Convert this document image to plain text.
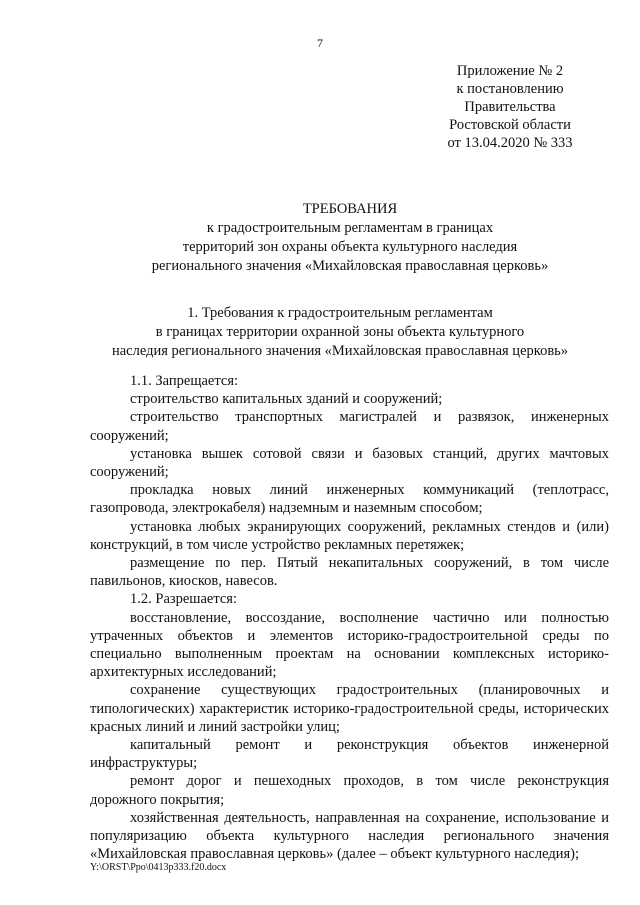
7
Приложение № 2
к постановлению
Правительства
Ростовской области
от 13.04.2020 № 333
ТРЕБОВАНИЯ
к градостроительным регламентам в границах
территорий зон охраны объекта культурного наследия
регионального значения «Михайловская православная церковь»
1. Требования к градостроительным регламентам
в границах территории охранной зоны объекта культурного
наследия регионального значения «Михайловская православная церковь»

1.1. Запрещается:

строительство капитальных зданий и сооружений;

строительство транспортных магистралей и развязок, инженерных сооружений;

установка вышек сотовой связи и базовых станций, других мачтовых сооружений;

прокладка новых линий инженерных коммуникаций (теплотрасс, газопровода, электрокабеля) надземным и наземным способом;

установка любых экранирующих сооружений, рекламных стендов и (или) конструкций, в том числе устройство рекламных перетяжек;

размещение по пер. Пятый некапитальных сооружений, в том числе павильонов, киосков, навесов.

1.2. Разрешается:

восстановление, воссоздание, восполнение частично или полностью утраченных объектов и элементов историко-градостроительной среды по специально выполненным проектам на основании комплексных историко-архитектурных исследований;

сохранение существующих градостроительных (планировочных и типологических) характеристик историко-градостроительной среды, исторических красных линий и линий застройки улиц;

капитальный ремонт и реконструкция объектов инженерной инфраструктуры;

ремонт дорог и пешеходных проходов, в том числе реконструкция дорожного покрытия;

хозяйственная деятельность, направленная на сохранение, использование и популяризацию объекта культурного наследия регионального значения «Михайловская православная церковь» (далее – объект культурного наследия);

Y:\ORST\Ppo\0413p333.f20.docx
